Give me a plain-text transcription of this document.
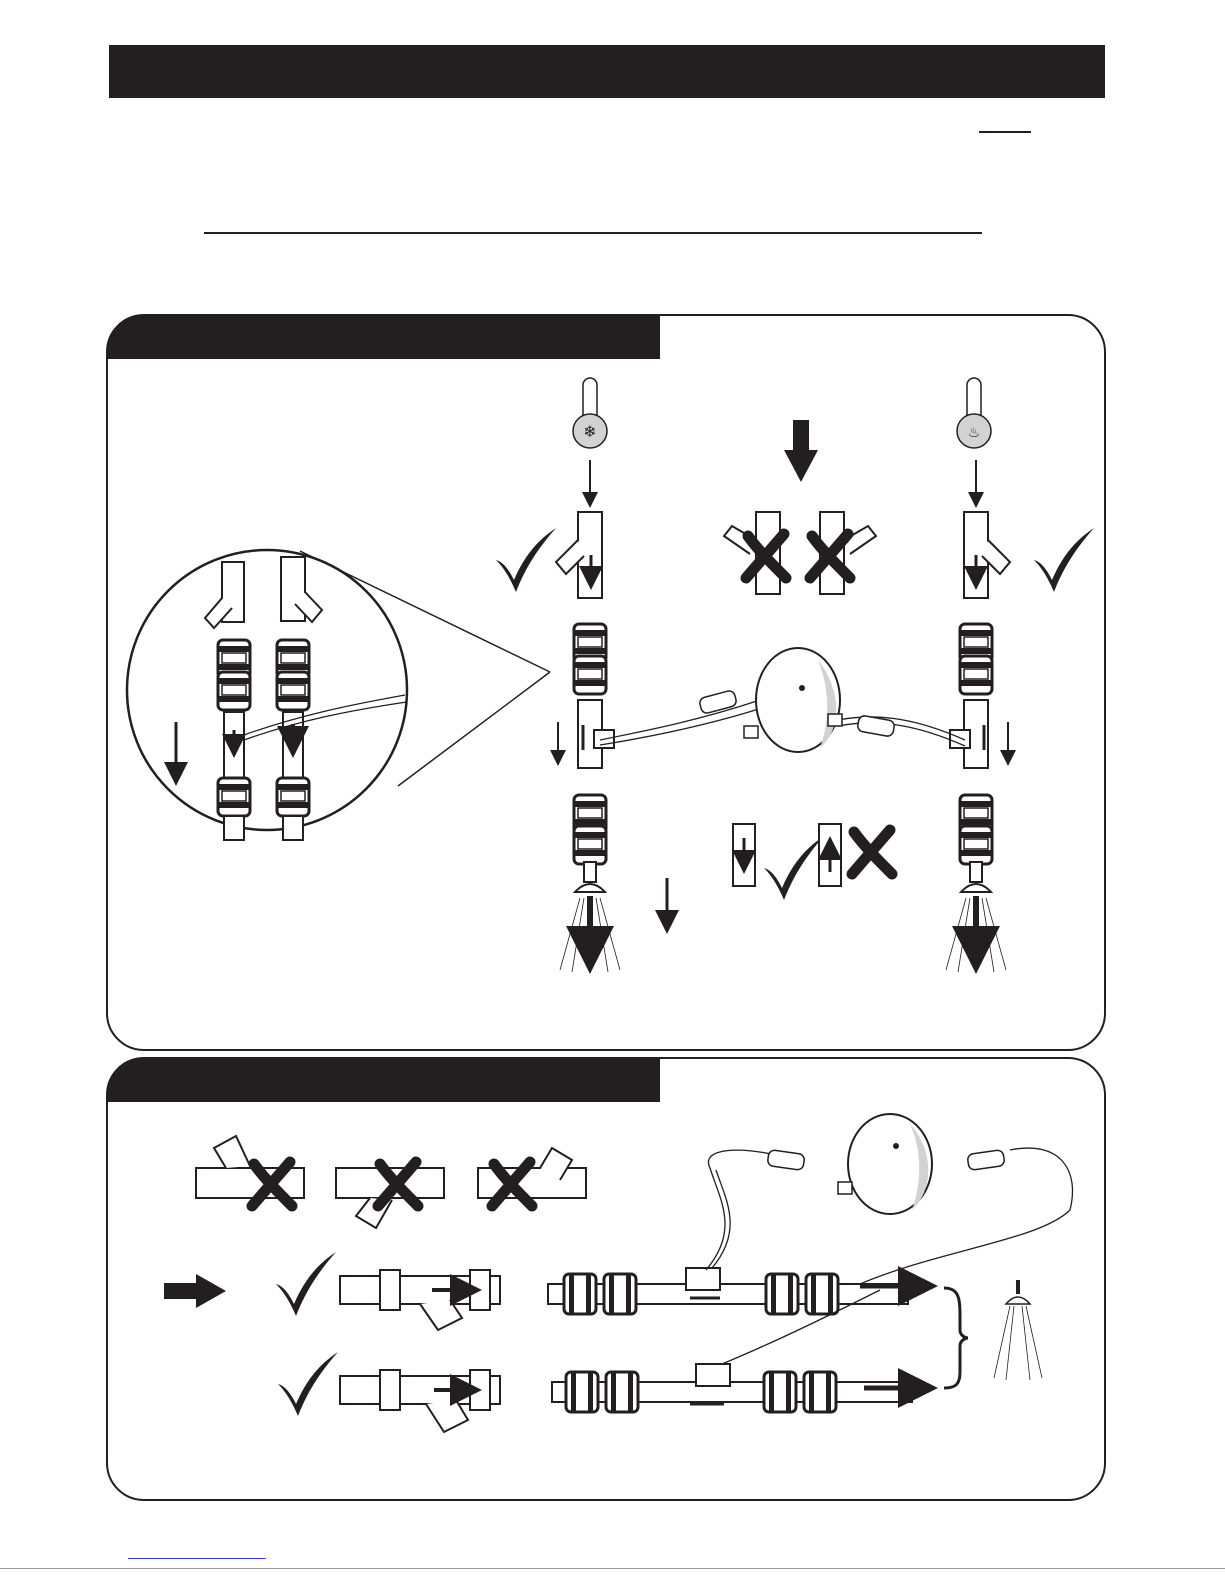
❄	♨
